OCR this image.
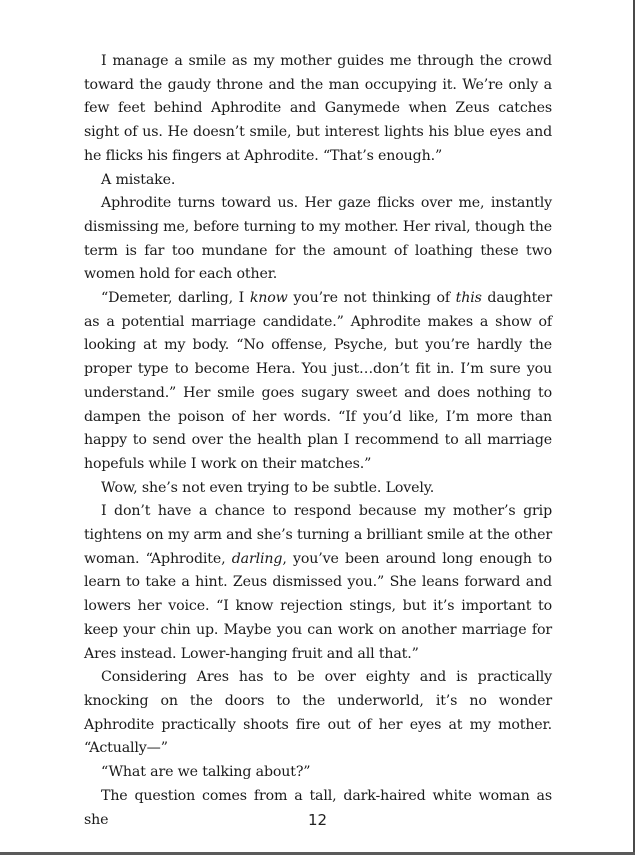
I manage a smile as my mother guides me through the crowd toward the gaudy throne and the man occupying it. We’re only a few feet behind Aphrodite and Ganymede when Zeus catches sight of us. He doesn’t smile, but interest lights his blue eyes and he flicks his fingers at Aphrodite. “That’s enough.”

A mistake.

Aphrodite turns toward us. Her gaze flicks over me, instantly dismissing me, before turning to my mother. Her rival, though the term is far too mundane for the amount of loathing these two women hold for each other.

“Demeter, darling, I know you’re not thinking of this daughter as a potential marriage candidate.” Aphrodite makes a show of looking at my body. “No offense, Psyche, but you’re hardly the proper type to become Hera. You just…don’t fit in. I’m sure you understand.” Her smile goes sugary sweet and does nothing to dampen the poison of her words. “If you’d like, I’m more than happy to send over the health plan I recommend to all marriage hopefuls while I work on their matches.”

Wow, she’s not even trying to be subtle. Lovely.

I don’t have a chance to respond because my mother’s grip tightens on my arm and she’s turning a brilliant smile at the other woman. “Aphrodite, darling, you’ve been around long enough to learn to take a hint. Zeus dismissed you.” She leans forward and lowers her voice. “I know rejection stings, but it’s important to keep your chin up. Maybe you can work on another marriage for Ares instead. Lower-hanging fruit and all that.”

Considering Ares has to be over eighty and is practically knocking on the doors to the underworld, it’s no wonder Aphrodite practically shoots fire out of her eyes at my mother. “Actually—”

“What are we talking about?”

The question comes from a tall, dark-haired white woman as she	12
